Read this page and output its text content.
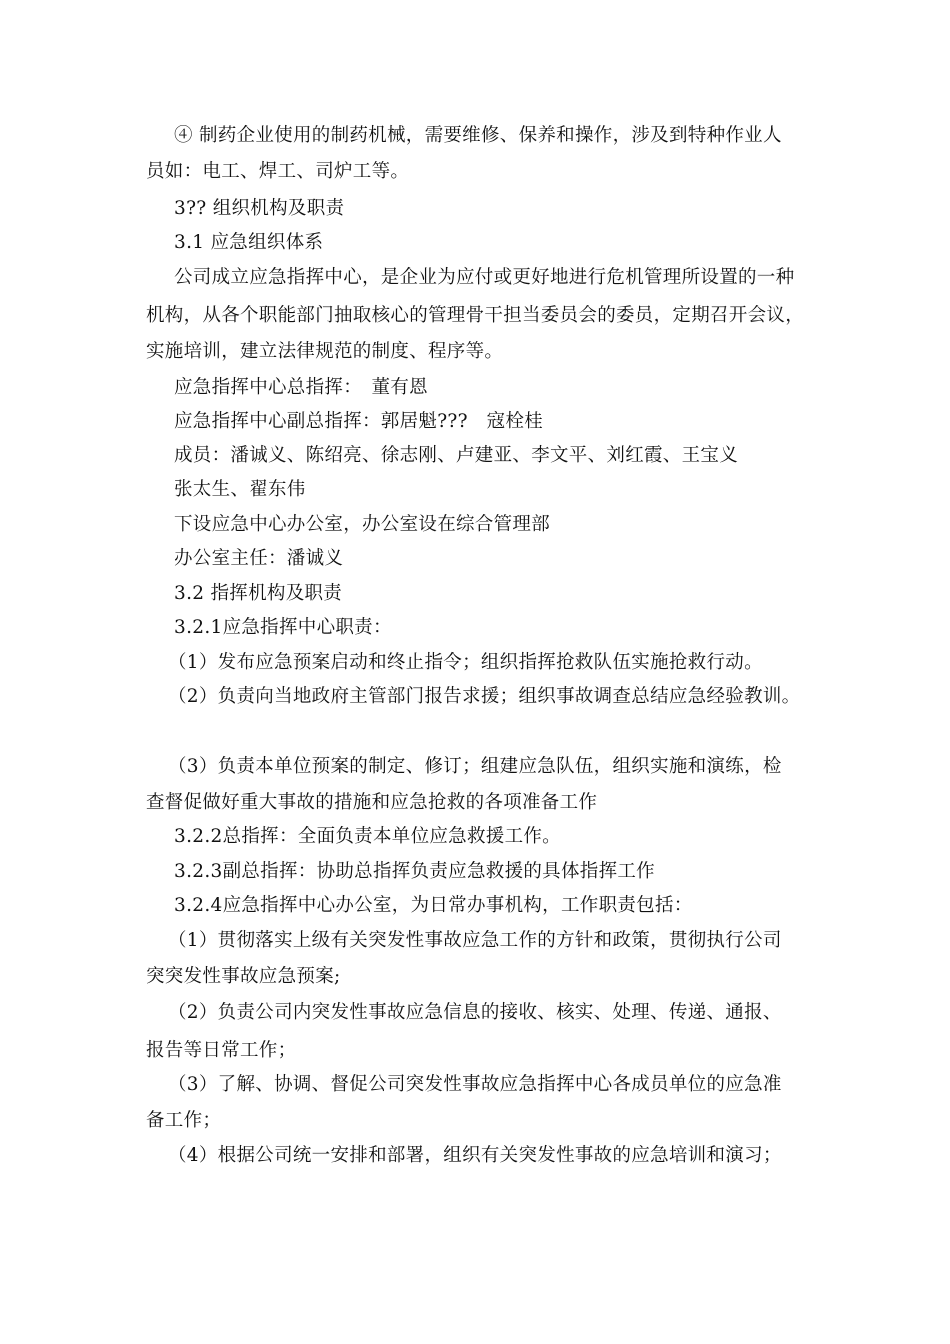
④ 制药企业使用的制药机械，需要维修、保养和操作，涉及到特种作业人
员如：电工、焊工、司炉工等。
3?? 组织机构及职责
3.1 应急组织体系
公司成立应急指挥中心，是企业为应付或更好地进行危机管理所设置的一种
机构，从各个职能部门抽取核心的管理骨干担当委员会的委员，定期召开会议，
实施培训，建立法律规范的制度、程序等。
应急指挥中心总指挥：　董有恩
应急指挥中心副总指挥：郭居魁???　寇栓桂
成员：潘诚义、陈绍亮、徐志刚、卢建亚、李文平、刘红霞、王宝义
张太生、翟东伟
下设应急中心办公室，办公室设在综合管理部
办公室主任：潘诚义
3.2 指挥机构及职责
3.2.1应急指挥中心职责：
（1）发布应急预案启动和终止指令；组织指挥抢救队伍实施抢救行动。
（2）负责向当地政府主管部门报告求援；组织事故调查总结应急经验教训。
（3）负责本单位预案的制定、修订；组建应急队伍，组织实施和演练，检
查督促做好重大事故的措施和应急抢救的各项准备工作
3.2.2总指挥：全面负责本单位应急救援工作。
3.2.3副总指挥：协助总指挥负责应急救援的具体指挥工作
3.2.4应急指挥中心办公室，为日常办事机构，工作职责包括：
（1）贯彻落实上级有关突发性事故应急工作的方针和政策，贯彻执行公司
突突发性事故应急预案;
（2）负责公司内突发性事故应急信息的接收、核实、处理、传递、通报、
报告等日常工作；
（3）了解、协调、督促公司突发性事故应急指挥中心各成员单位的应急准
备工作；
（4）根据公司统一安排和部署，组织有关突发性事故的应急培训和演习；
